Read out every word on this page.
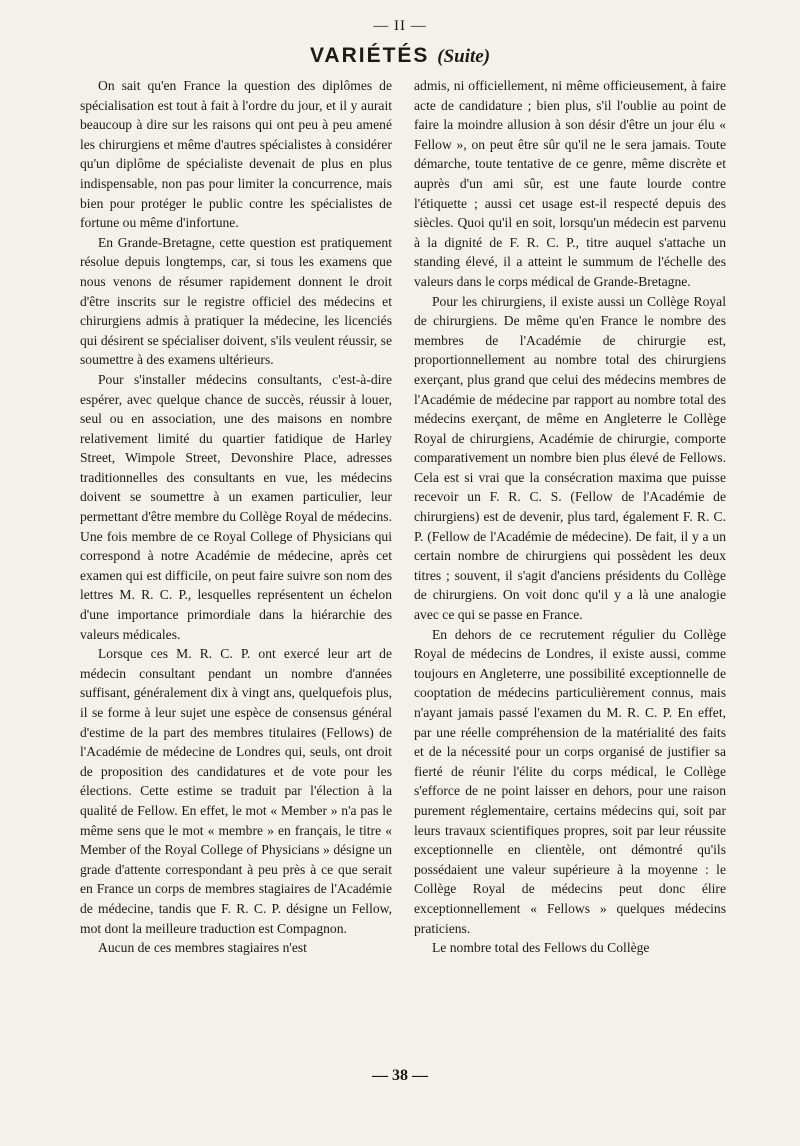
— II —
VARIÉTÉS (Suite)

On sait qu'en France la question des diplômes de spécialisation est tout à fait à l'ordre du jour, et il y aurait beaucoup à dire sur les raisons qui ont peu à peu amené les chirurgiens et même d'autres spécialistes à considérer qu'un diplôme de spécialiste devenait de plus en plus indispensable, non pas pour limiter la concurrence, mais bien pour protéger le public contre les spécialistes de fortune ou même d'infortune.

En Grande-Bretagne, cette question est pratiquement résolue depuis longtemps, car, si tous les examens que nous venons de résumer rapidement donnent le droit d'être inscrits sur le registre officiel des médecins et chirurgiens admis à pratiquer la médecine, les licenciés qui désirent se spécialiser doivent, s'ils veulent réussir, se soumettre à des examens ultérieurs.

Pour s'installer médecins consultants, c'est-à-dire espérer, avec quelque chance de succès, réussir à louer, seul ou en association, une des maisons en nombre relativement limité du quartier fatidique de Harley Street, Wimpole Street, Devonshire Place, adresses traditionnelles des consultants en vue, les médecins doivent se soumettre à un examen particulier, leur permettant d'être membre du Collège Royal de médecins. Une fois membre de ce Royal College of Physicians qui correspond à notre Académie de médecine, après cet examen qui est difficile, on peut faire suivre son nom des lettres M. R. C. P., lesquelles représentent un échelon d'une importance primordiale dans la hiérarchie des valeurs médicales.

Lorsque ces M. R. C. P. ont exercé leur art de médecin consultant pendant un nombre d'années suffisant, généralement dix à vingt ans, quelquefois plus, il se forme à leur sujet une espèce de consensus général d'estime de la part des membres titulaires (Fellows) de l'Académie de médecine de Londres qui, seuls, ont droit de proposition des candidatures et de vote pour les élections. Cette estime se traduit par l'élection à la qualité de Fellow. En effet, le mot « Member » n'a pas le même sens que le mot « membre » en français, le titre « Member of the Royal College of Physicians » désigne un grade d'attente correspondant à peu près à ce que serait en France un corps de membres stagiaires de l'Académie de médecine, tandis que F. R. C. P. désigne un Fellow, mot dont la meilleure traduction est Compagnon.

Aucun de ces membres stagiaires n'est

admis, ni officiellement, ni même officieusement, à faire acte de candidature ; bien plus, s'il l'oublie au point de faire la moindre allusion à son désir d'être un jour élu « Fellow », on peut être sûr qu'il ne le sera jamais. Toute démarche, toute tentative de ce genre, même discrète et auprès d'un ami sûr, est une faute lourde contre l'étiquette ; aussi cet usage est-il respecté depuis des siècles. Quoi qu'il en soit, lorsqu'un médecin est parvenu à la dignité de F. R. C. P., titre auquel s'attache un standing élevé, il a atteint le summum de l'échelle des valeurs dans le corps médical de Grande-Bretagne.

Pour les chirurgiens, il existe aussi un Collège Royal de chirurgiens. De même qu'en France le nombre des membres de l'Académie de chirurgie est, proportionnellement au nombre total des chirurgiens exerçant, plus grand que celui des médecins membres de l'Académie de médecine par rapport au nombre total des médecins exerçant, de même en Angleterre le Collège Royal de chirurgiens, Académie de chirurgie, comporte comparativement un nombre bien plus élevé de Fellows. Cela est si vrai que la consécration maxima que puisse recevoir un F. R. C. S. (Fellow de l'Académie de chirurgiens) est de devenir, plus tard, également F. R. C. P. (Fellow de l'Académie de médecine). De fait, il y a un certain nombre de chirurgiens qui possèdent les deux titres ; souvent, il s'agit d'anciens présidents du Collège de chirurgiens. On voit donc qu'il y a là une analogie avec ce qui se passe en France.

En dehors de ce recrutement régulier du Collège Royal de médecins de Londres, il existe aussi, comme toujours en Angleterre, une possibilité exceptionnelle de cooptation de médecins particulièrement connus, mais n'ayant jamais passé l'examen du M. R. C. P. En effet, par une réelle compréhension de la matérialité des faits et de la nécessité pour un corps organisé de justifier sa fierté de réunir l'élite du corps médical, le Collège s'efforce de ne point laisser en dehors, pour une raison purement réglementaire, certains médecins qui, soit par leurs travaux scientifiques propres, soit par leur réussite exceptionnelle en clientèle, ont démontré qu'ils possédaient une valeur supérieure à la moyenne : le Collège Royal de médecins peut donc élire exceptionnellement « Fellows » quelques médecins praticiens.

Le nombre total des Fellows du Collège

— 38 —
